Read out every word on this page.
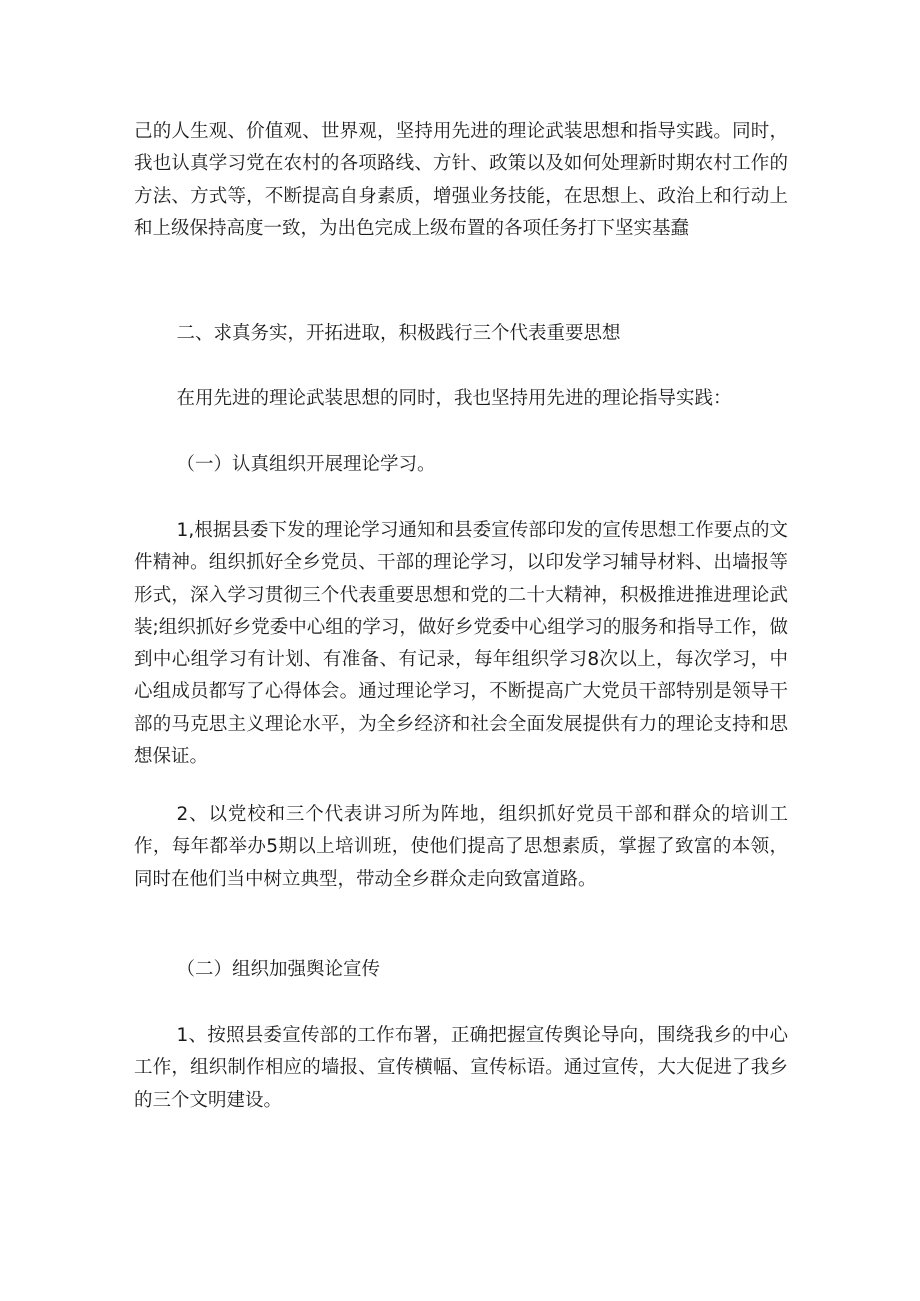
己的人生观、价值观、世界观，坚持用先进的理论武装思想和指导实践。同时，我也认真学习党在农村的各项路线、方针、政策以及如何处理新时期农村工作的方法、方式等，不断提高自身素质，增强业务技能，在思想上、政治上和行动上和上级保持高度一致，为出色完成上级布置的各项任务打下坚实基蠢

二、求真务实，开拓进取，积极践行三个代表重要思想

在用先进的理论武装思想的同时，我也坚持用先进的理论指导实践：

（一）认真组织开展理论学习。

1,根据县委下发的理论学习通知和县委宣传部印发的宣传思想工作要点的文件精神。组织抓好全乡党员、干部的理论学习，以印发学习辅导材料、出墙报等形式，深入学习贯彻三个代表重要思想和党的二十大精神，积极推进推进理论武装;组织抓好乡党委中心组的学习，做好乡党委中心组学习的服务和指导工作，做到中心组学习有计划、有准备、有记录，每年组织学习8次以上，每次学习，中心组成员都写了心得体会。通过理论学习，不断提高广大党员干部特别是领导干部的马克思主义理论水平，为全乡经济和社会全面发展提供有力的理论支持和思想保证。

2、以党校和三个代表讲习所为阵地，组织抓好党员干部和群众的培训工作，每年都举办5期以上培训班，使他们提高了思想素质，掌握了致富的本领，同时在他们当中树立典型，带动全乡群众走向致富道路。

（二）组织加强舆论宣传

1、按照县委宣传部的工作布署，正确把握宣传舆论导向，围绕我乡的中心工作，组织制作相应的墙报、宣传横幅、宣传标语。通过宣传，大大促进了我乡的三个文明建设。
